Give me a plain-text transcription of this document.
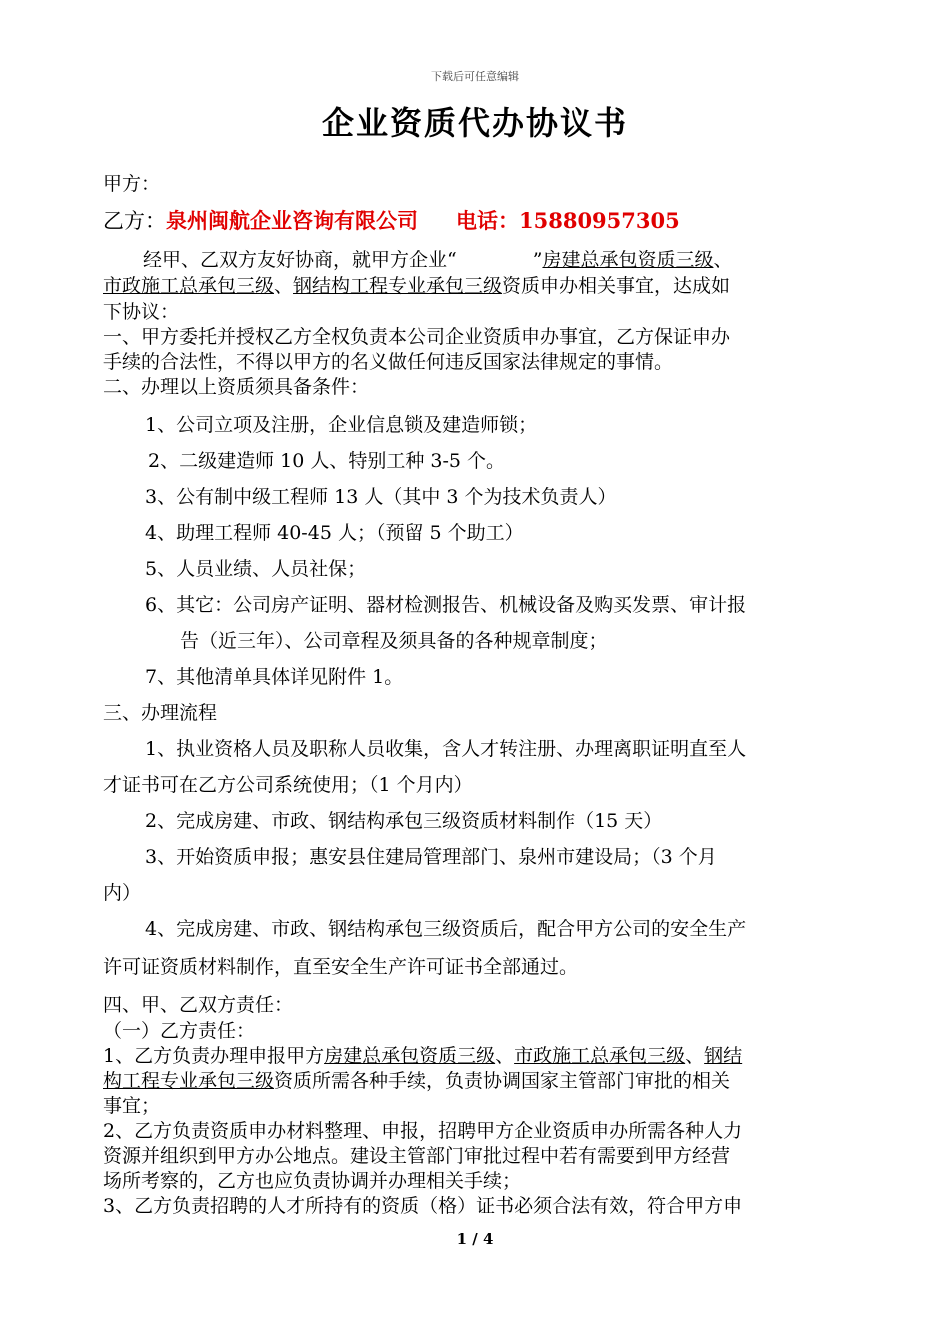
下载后可任意编辑
企业资质代办协议书
甲方：
乙方：泉州闽航企业咨询有限公司 电话：15880957305
经甲、乙双方友好协商，就甲方企业“　　　　”房建总承包资质三级、
市政施工总承包三级、钢结构工程专业承包三级资质申办相关事宜，达成如
下协议：
一、甲方委托并授权乙方全权负责本公司企业资质申办事宜，乙方保证申办
手续的合法性，不得以甲方的名义做任何违反国家法律规定的事情。
二、办理以上资质须具备条件：
1、公司立项及注册，企业信息锁及建造师锁；
2、二级建造师 10 人、特别工种 3-5 个。
3、公有制中级工程师 13 人（其中 3 个为技术负责人）
4、助理工程师 40-45 人；（预留 5 个助工）
5、人员业绩、人员社保；
6、其它：公司房产证明、器材检测报告、机械设备及购买发票、审计报
告（近三年）、公司章程及须具备的各种规章制度；
7、其他清单具体详见附件 1。
三、办理流程
1、执业资格人员及职称人员收集，含人才转注册、办理离职证明直至人
才证书可在乙方公司系统使用；（1 个月内）
2、完成房建、市政、钢结构承包三级资质材料制作（15 天）
3、开始资质申报；惠安县住建局管理部门、泉州市建设局；（3 个月
内）
4、完成房建、市政、钢结构承包三级资质后，配合甲方公司的安全生产
许可证资质材料制作，直至安全生产许可证书全部通过。
四、甲、乙双方责任：
（一）乙方责任：
1、乙方负责办理申报甲方房建总承包资质三级、市政施工总承包三级、钢结
构工程专业承包三级资质所需各种手续，负责协调国家主管部门审批的相关
事宜；
2、乙方负责资质申办材料整理、申报，招聘甲方企业资质申办所需各种人力
资源并组织到甲方办公地点。建设主管部门审批过程中若有需要到甲方经营
场所考察的，乙方也应负责协调并办理相关手续；
3、乙方负责招聘的人才所持有的资质（格）证书必须合法有效，符合甲方申
1 / 4
